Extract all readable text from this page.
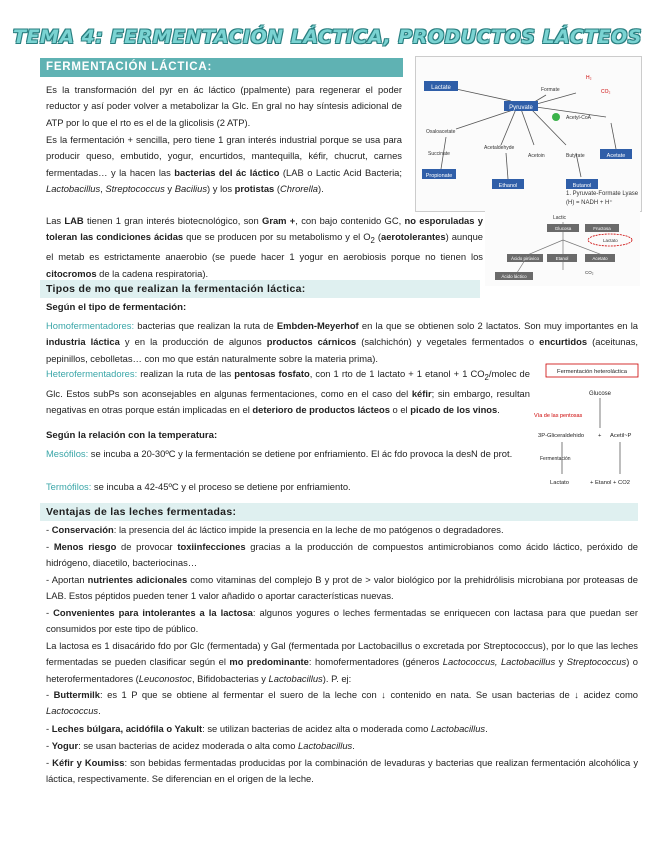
TEMA 4: FERMENTACIÓN LÁCTICA, PRODUCTOS LÁCTEOS
FERMENTACIÓN LÁCTICA:
Es la transformación del pyr en ác láctico (ppalmente) para regenerar el poder reductor y así poder volver a metabolizar la Glc. En gral no hay síntesis adicional de ATP por lo que el rto es el de la glicolisis (2 ATP).
Es la fermentación + sencilla, pero tiene 1 gran interés industrial porque se usa para producir queso, embutido, yogur, encurtidos, mantequilla, kéfir, chucrut, carnes fermentadas… y la hacen las bacterias del ác láctico (LAB o Lactic Acid Bacteria; Lactobacillus, Streptococcus y Bacilius) y los protistas (Chrorella).
Las LAB tienen 1 gran interés biotecnológico, son Gram +, con bajo contenido GC, no esporuladas y toleran las condiciones ácidas que se producen por su metabolismo y el $O_2$ (aerotolerantes) aunque el metab es estrictamente anaerobio (se puede hacer 1 yogur en aerobiosis porque no tienen los citocromos de la cadena respiratoria).
Lactate
Pyruvate
Acetyl-CoA
Oxaloacetate
Succinate
Propionate
Acetaldehyde
Ethanol
Acetoin	Acetate
Butyrate
Butanol
Formate
H₂
CO₂
1. Pyruvate-Formate Lyase
(H) = NADH + H⁺
Lactic
Glucosa	Fructosa
Lactato
Ácido pirúvico	Etanol	Acetato
CO₂
Ácido láctico
Tipos de mo que realizan la fermentación láctica:
Según el tipo de fermentación:
Homofermentadores: bacterias que realizan la ruta de Embden-Meyerhof en la que se obtienen solo 2 lactatos. Son muy importantes en la industria láctica y en la producción de algunos productos cárnicos (salchichón) y vegetales fermentados o encurtidos (aceitunas, pepinillos, cebolletas… con mo que están naturalmente sobre la materia prima).
Heterofermentadores: realizan la ruta de las pentosas fosfato, con 1 rto de 1 lactato + 1 etanol + 1 $CO_2$/molec de Glc. Estos subPs son aconsejables en algunas fermentaciones, como en el caso del kéfir; sin embargo, resultan negativas en otras porque están implicadas en el deterioro de productos lácteos o el picado de los vinos.
Según la relación con la temperatura:
Mesófilos: se incuba a 20-30ºC y la fermentación se detiene por enfriamiento. El ác fdo provoca la desN de prot.
Termófilos: se incuba a 42-45ºC y el proceso se detiene por enfriamiento.
Fermentación heteroláctica
Glucose
Vía de las pentosas
3P-Gliceraldehido + Acetil~P
Fermentación
Lactato	+ Etanol + CO2
Ventajas de las leches fermentadas:
- Conservación: la presencia del ác láctico impide la presencia en la leche de mo patógenos o degradadores.
- Menos riesgo de provocar toxiinfecciones gracias a la producción de compuestos antimicrobianos como ácido láctico, peróxido de hidrógeno, diacetilo, bacteriocinas…
- Aportan nutrientes adicionales como vitaminas del complejo B y prot de > valor biológico por la prehidrólisis microbiana por proteasas de LAB. Estos péptidos pueden tener 1 valor añadido o aportar características nuevas.
- Convenientes para intolerantes a la lactosa: algunos yogures o leches fermentadas se enriquecen con lactasa para que puedan ser consumidos por este tipo de público.
La lactosa es 1 disacárido fdo por Glc (fermentada) y Gal (fermentada por Lactobacillus o excretada por Streptococcus), por lo que las leches fermentadas se pueden clasificar según el mo predominante: homofermentadores (géneros Lactococcus, Lactobacillus y Streptococcus) o heterofermentadores (Leuconostoc, Bifidobacterias y Lactobacillus). P. ej:
- Buttermilk: es 1 P que se obtiene al fermentar el suero de la leche con ↓ contenido en nata. Se usan bacterias de ↓ acidez como Lactococcus.
- Leches búlgara, acidófila o Yakult: se utilizan bacterias de acidez alta o moderada como Lactobacillus.
- Yogur: se usan bacterias de acidez moderada o alta como Lactobacillus.
- Kéfir y Koumiss: son bebidas fermentadas producidas por la combinación de levaduras y bacterias que realizan fermentación alcohólica y láctica, respectivamente. Se diferencian en el origen de la leche.
